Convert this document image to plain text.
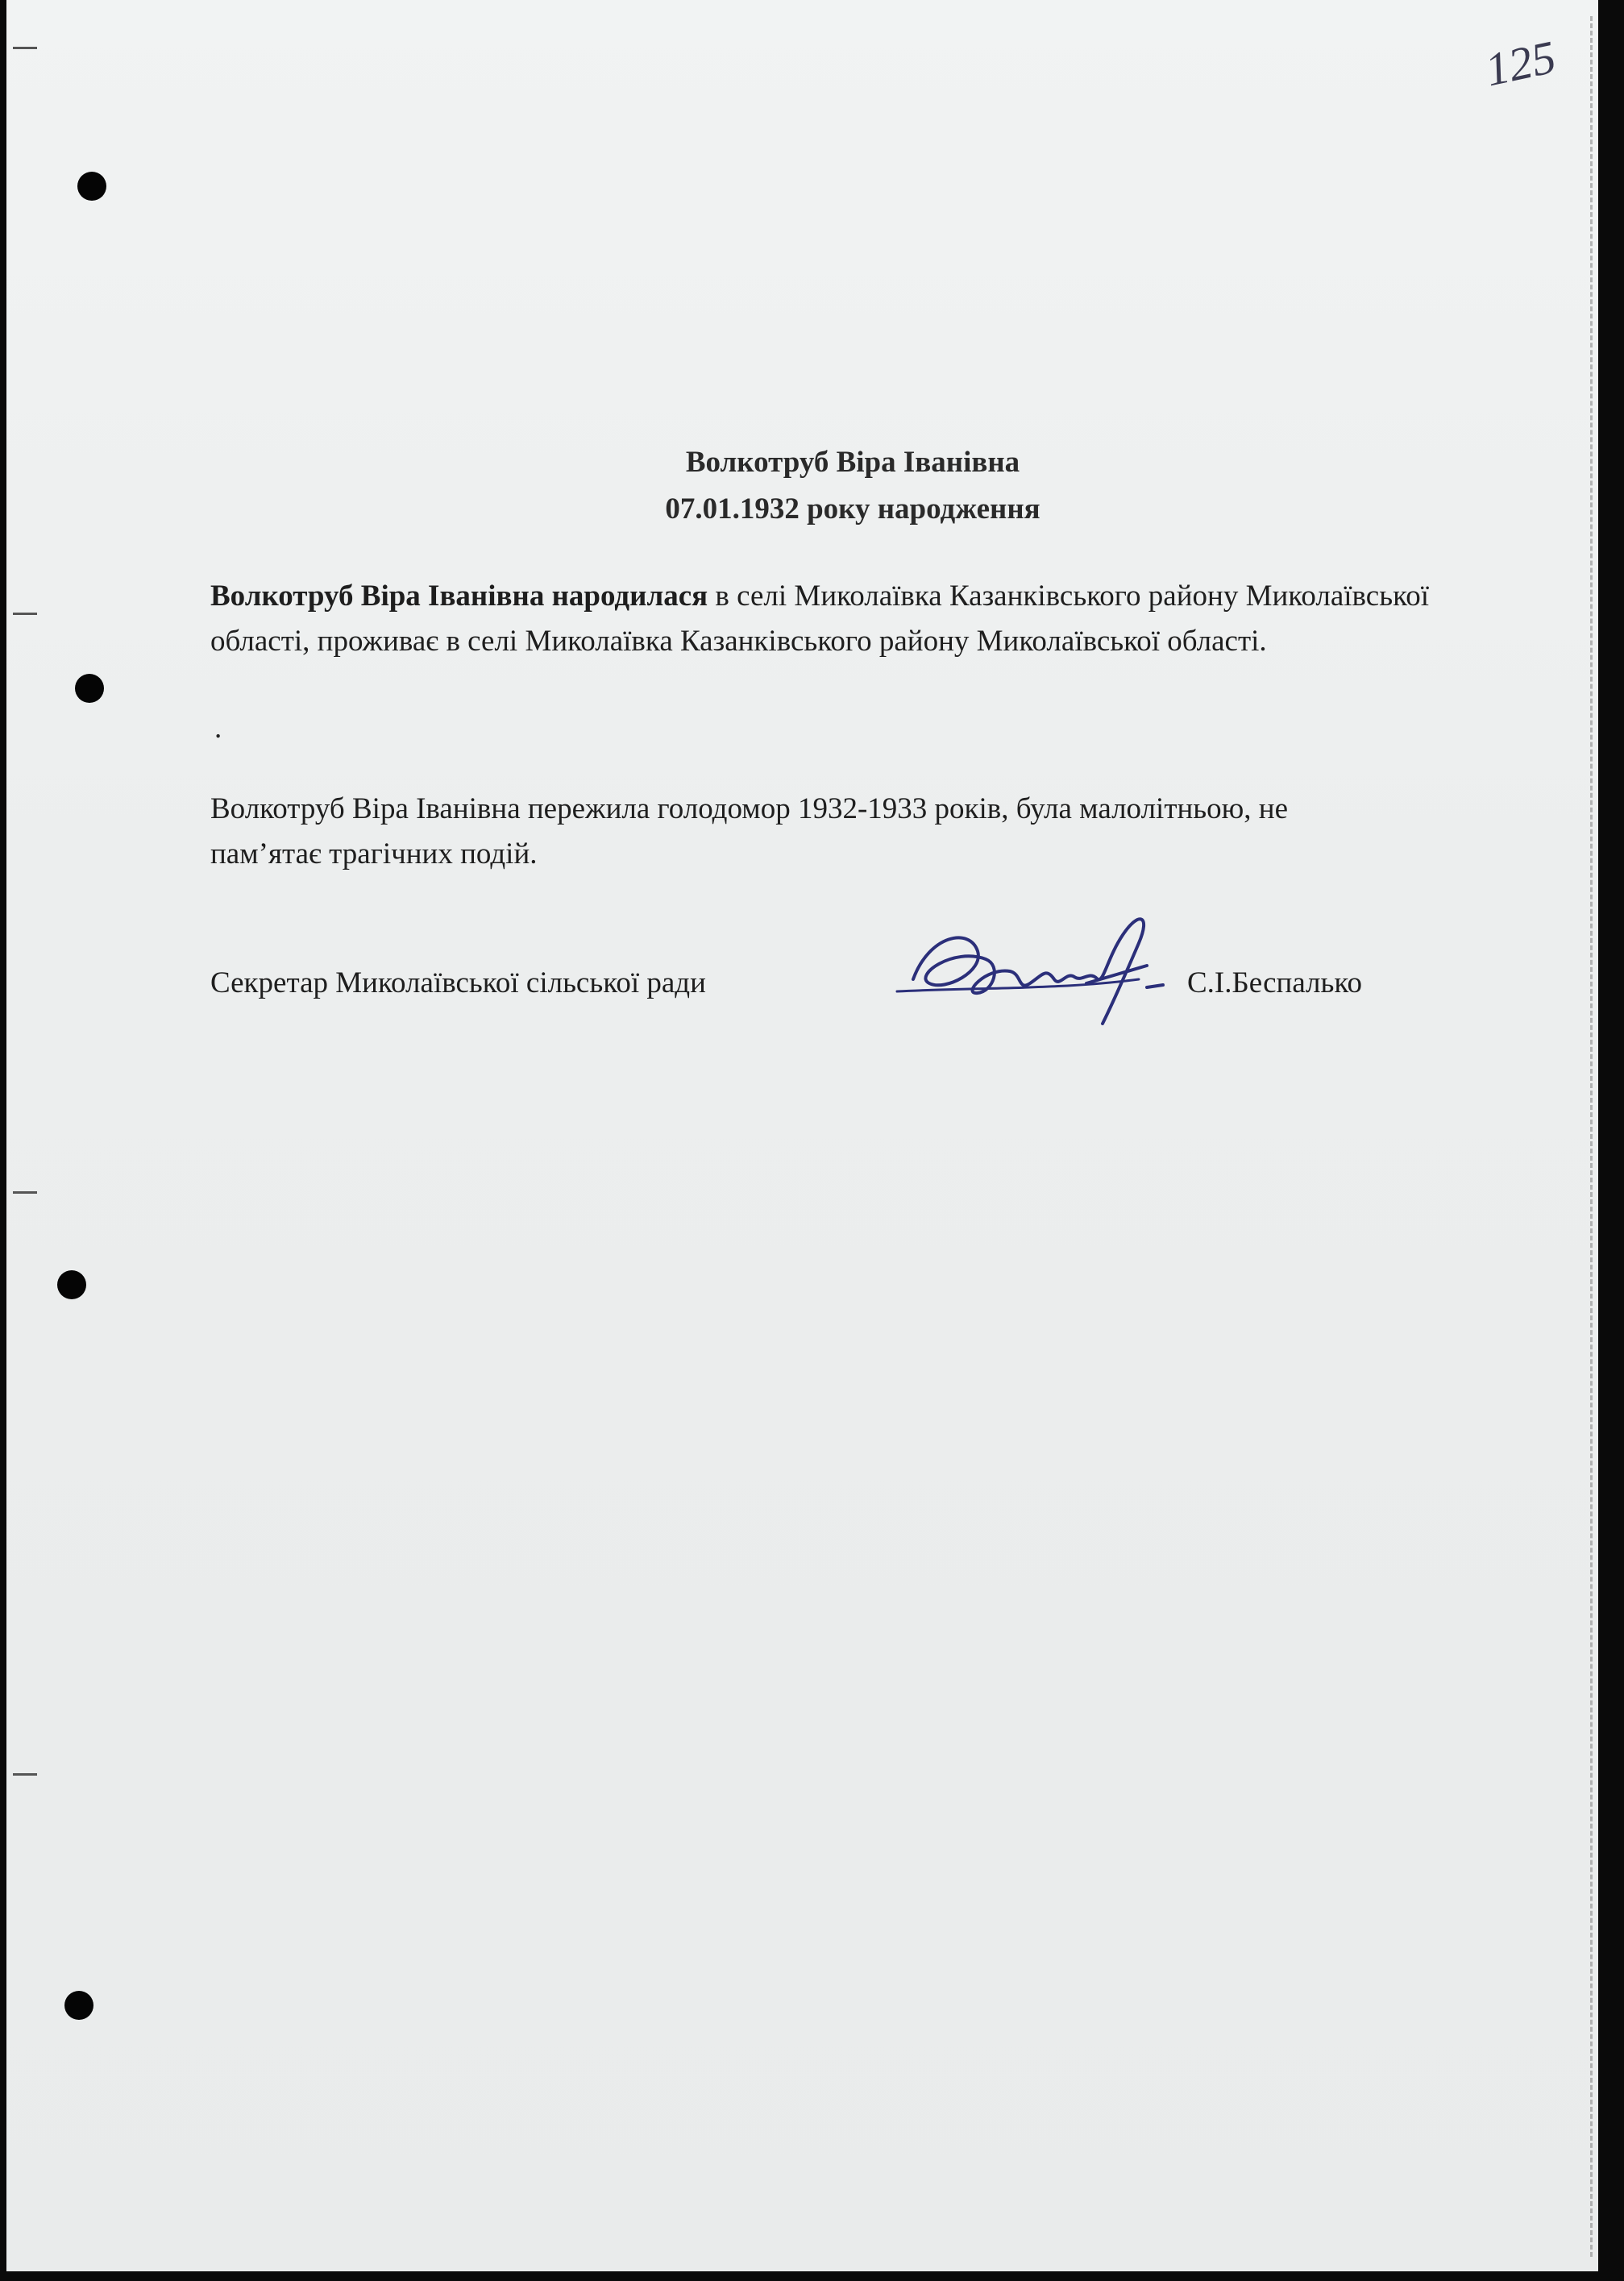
125
Волкотруб Віра Іванівна
07.01.1932 року народження
Волкотруб Віра Іванівна народилася в селі Миколаївка Казанківського району Миколаївської області, проживає в селі Миколаївка Казанківського району Миколаївської області.
.
Волкотруб Віра Іванівна пережила голодомор 1932-1933 років, була малолітньою, не пам’ятає трагічних подій.
Секретар Миколаївської сільської ради	С.І.Беспалько
